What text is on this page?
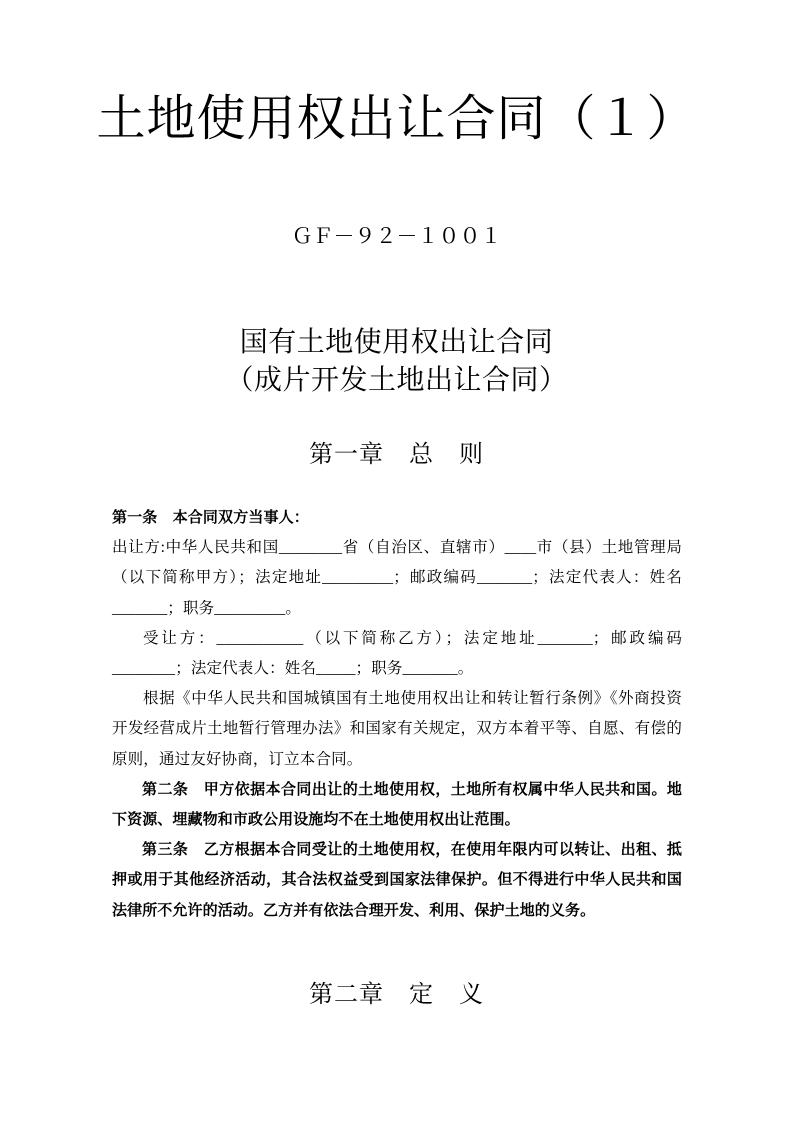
土地使用权出让合同（１）
ＧＦ－９２－１００１
国有土地使用权出让合同
（成片开发土地出让合同）
第一章　总　则

第一条　 本合同双方当事人：

出让方:中华人民共和国________省（自治区、直辖市）____市（县）土地管理局（以下简称甲方）；法定地址_________；邮政编码_______；法定代表人：姓名_______；职务_________。

受让方：___________（以下简称乙方）；法定地址_______；邮政编码________；法定代表人：姓名_____；职务_______。

根据《中华人民共和国城镇国有土地使用权出让和转让暂行条例》《外商投资开发经营成片土地暂行管理办法》和国家有关规定，双方本着平等、自愿、有偿的原则，通过友好协商，订立本合同。

第二条　甲方依据本合同出让的土地使用权，土地所有权属中华人民共和国。地下资源、埋藏物和市政公用设施均不在土地使用权出让范围。

第三条　乙方根据本合同受让的土地使用权，在使用年限内可以转让、出租、抵押或用于其他经济活动，其合法权益受到国家法律保护。但不得进行中华人民共和国法律所不允许的活动。乙方并有依法合理开发、利用、保护土地的义务。

第二章　定　义
